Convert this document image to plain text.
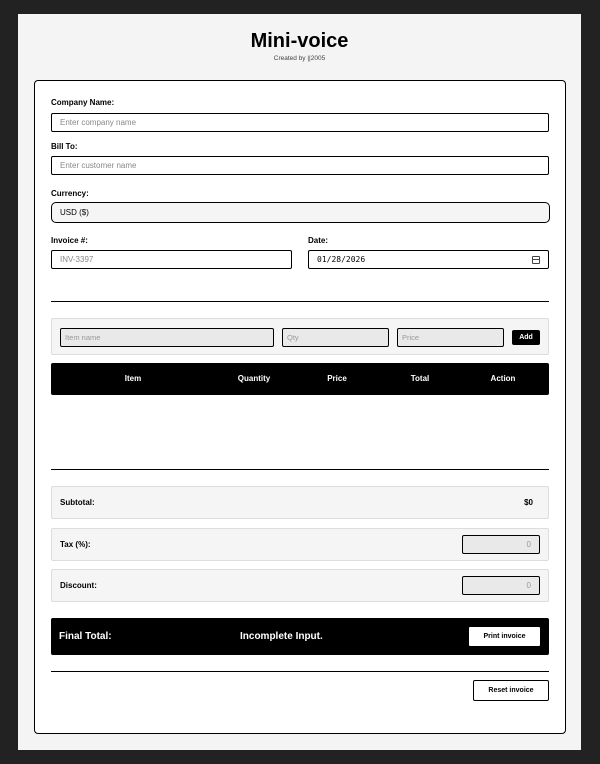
Mini-voice
Created by ||2005
Company Name:
Enter company name
Bill To:
Enter customer name
Currency:
USD ($)
Invoice #:
INV-3397
Date:
01/28/2026
Item name	Qty	Price	Add
Item	Quantity	Price	Total	Action
Subtotal:	$0
Tax (%):	0
Discount:	0
Final Total:	Incomplete Input.	Print invoice
Reset invoice
